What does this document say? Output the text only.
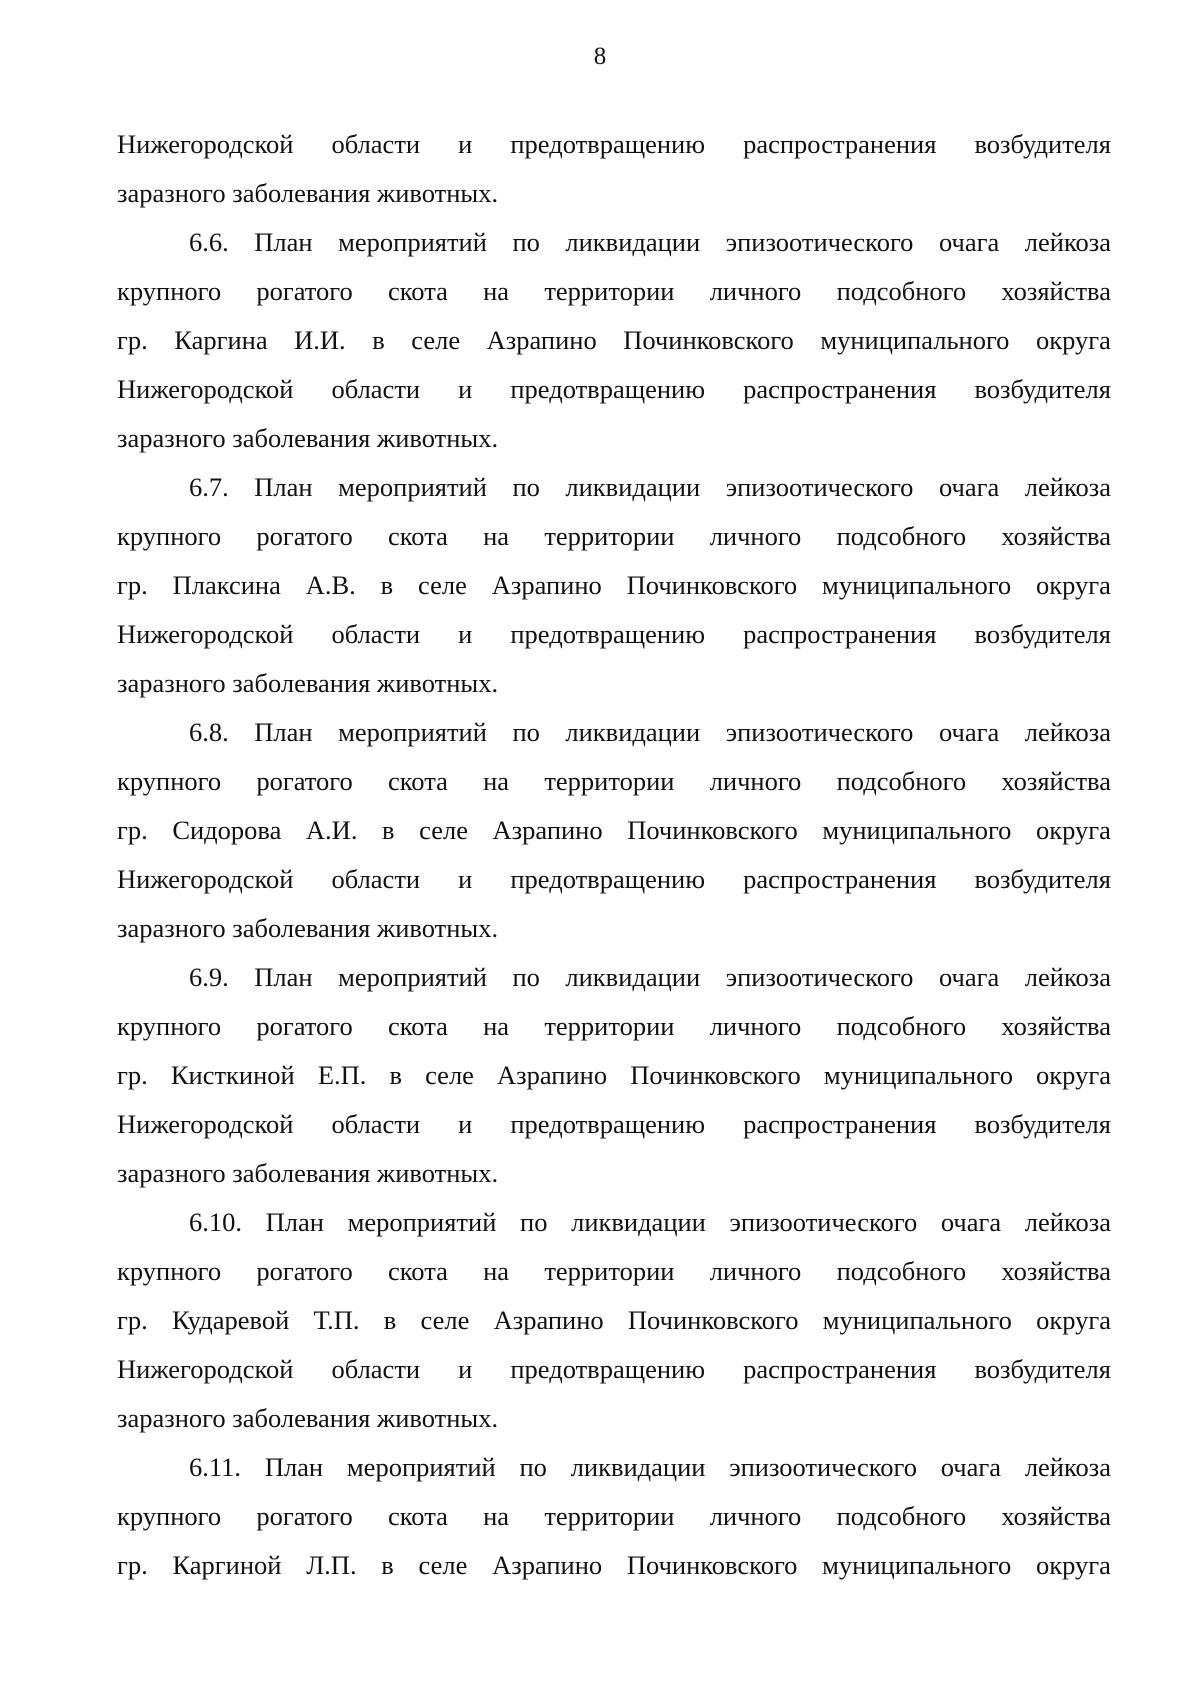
8
Нижегородской области и предотвращению распространения возбудителя
заразного заболевания животных.
6.6. План мероприятий по ликвидации эпизоотического очага лейкоза
крупного рогатого скота на территории личного подсобного хозяйства
гр. Каргина И.И. в селе Азрапино Починковского муниципального округа
Нижегородской области и предотвращению распространения возбудителя
заразного заболевания животных.
6.7. План мероприятий по ликвидации эпизоотического очага лейкоза
крупного рогатого скота на территории личного подсобного хозяйства
гр. Плаксина А.В. в селе Азрапино Починковского муниципального округа
Нижегородской области и предотвращению распространения возбудителя
заразного заболевания животных.
6.8. План мероприятий по ликвидации эпизоотического очага лейкоза
крупного рогатого скота на территории личного подсобного хозяйства
гр. Сидорова А.И. в селе Азрапино Починковского муниципального округа
Нижегородской области и предотвращению распространения возбудителя
заразного заболевания животных.
6.9. План мероприятий по ликвидации эпизоотического очага лейкоза
крупного рогатого скота на территории личного подсобного хозяйства
гр. Кисткиной Е.П. в селе Азрапино Починковского муниципального округа
Нижегородской области и предотвращению распространения возбудителя
заразного заболевания животных.
6.10. План мероприятий по ликвидации эпизоотического очага лейкоза
крупного рогатого скота на территории личного подсобного хозяйства
гр. Кударевой Т.П. в селе Азрапино Починковского муниципального округа
Нижегородской области и предотвращению распространения возбудителя
заразного заболевания животных.
6.11. План мероприятий по ликвидации эпизоотического очага лейкоза
крупного рогатого скота на территории личного подсобного хозяйства
гр. Каргиной Л.П. в селе Азрапино Починковского муниципального округа
